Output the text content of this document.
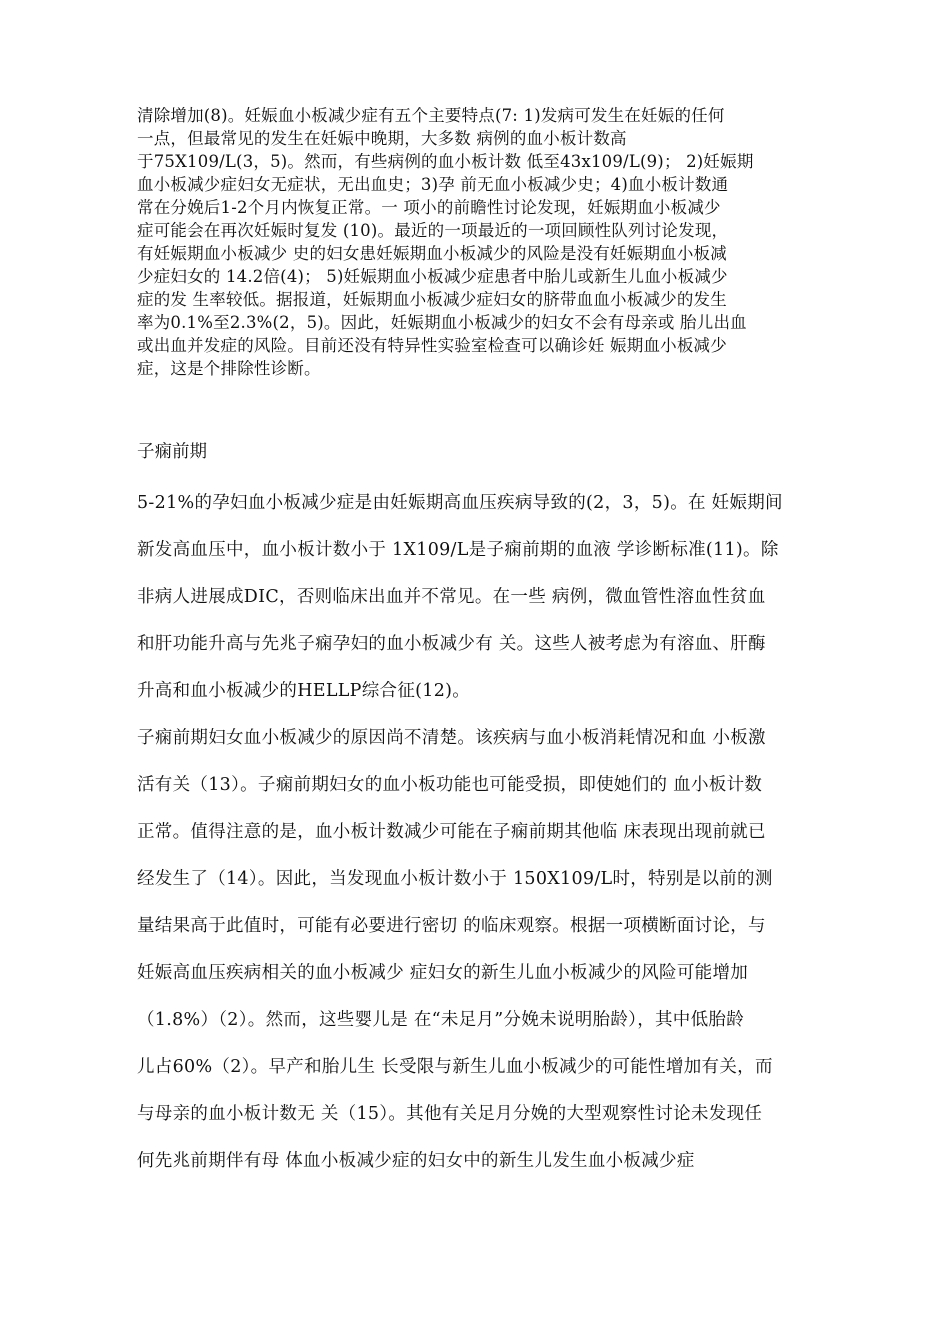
清除增加(8)。妊娠血小板减少症有五个主要特点(7: 1)发病可发生在妊娠的任何

一点，但最常见的发生在妊娠中晚期，大多数 病例的血小板计数高

于75X109/L(3，5)。然而，有些病例的血小板计数 低至43x109/L(9)； 2)妊娠期

血小板减少症妇女无症状，无出血史；3)孕 前无血小板减少史；4)血小板计数通

常在分娩后1-2个月内恢复正常。一 项小的前瞻性讨论发现，妊娠期血小板减少

症可能会在再次妊娠时复发 (10)。最近的一项最近的一项回顾性队列讨论发现，

有妊娠期血小板减少 史的妇女患妊娠期血小板减少的风险是没有妊娠期血小板减

少症妇女的 14.2倍(4)； 5)妊娠期血小板减少症患者中胎儿或新生儿血小板减少

症的发 生率较低。据报道，妊娠期血小板减少症妇女的脐带血血小板减少的发生

率为0.1%至2.3%(2，5)。因此，妊娠期血小板减少的妇女不会有母亲或 胎儿出血

或出血并发症的风险。目前还没有特异性实验室检查可以确诊妊 娠期血小板减少

症，这是个排除性诊断。

子痫前期

5-21%的孕妇血小板减少症是由妊娠期高血压疾病导致的(2，3，5)。在 妊娠期间

新发高血压中，血小板计数小于 1X109/L是子痫前期的血液 学诊断标准(11)。除

非病人进展成DIC，否则临床出血并不常见。在一些 病例，微血管性溶血性贫血

和肝功能升高与先兆子痫孕妇的血小板减少有 关。这些人被考虑为有溶血、肝酶

升高和血小板减少的HELLP综合征(12)。

子痫前期妇女血小板减少的原因尚不清楚。该疾病与血小板消耗情况和血 小板激

活有关（13）。子痫前期妇女的血小板功能也可能受损，即使她们的 血小板计数

正常。值得注意的是，血小板计数减少可能在子痫前期其他临 床表现出现前就已

经发生了（14）。因此，当发现血小板计数小于 150X109/L时，特别是以前的测

量结果高于此值时，可能有必要进行密切 的临床观察。根据一项横断面讨论，与

妊娠高血压疾病相关的血小板减少 症妇女的新生儿血小板减少的风险可能增加

（1.8%）（2）。然而，这些婴儿是 在“未足月”分娩未说明胎龄），其中低胎龄

儿占60%（2）。早产和胎儿生 长受限与新生儿血小板减少的可能性增加有关，而

与母亲的血小板计数无 关（15）。其他有关足月分娩的大型观察性讨论未发现任

何先兆前期伴有母 体血小板减少症的妇女中的新生儿发生血小板减少症
